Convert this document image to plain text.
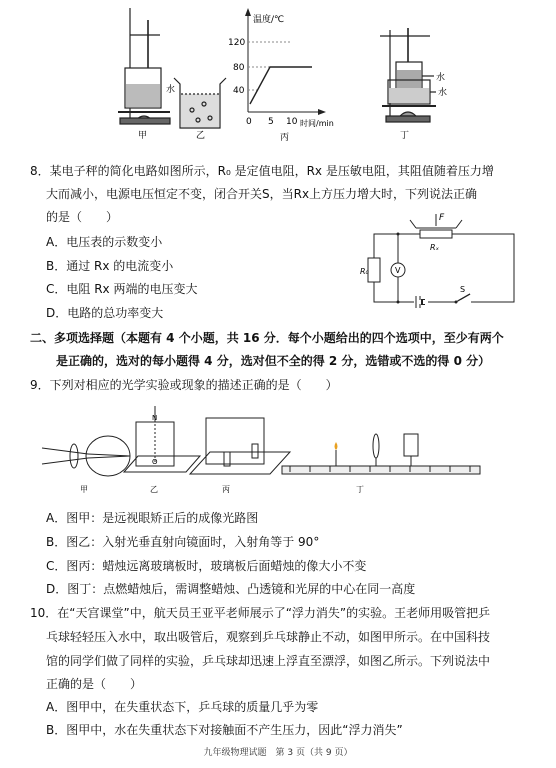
水
甲	乙
温度/℃
120
80
40
0 5 10 时间/min
丙
水
水
丁
8．某电子秤的简化电路如图所示，R₀ 是定值电阻，Rx 是压敏电阻，其阻值随着压力增
大而减小，电源电压恒定不变，闭合开关S，当Rx上方压力增大时，下列说法正确
的是（　　）
A．电压表的示数变小
B．通过 Rx 的电流变小
C．电阻 Rx 两端的电压变大
D．电路的总功率变大
F
Rₓ
R₀	V
S
二、多项选择题（本题有 4 个小题，共 16 分．每个小题给出的四个选项中，至少有两个
是正确的，选对的每小题得 4 分，选对但不全的得 2 分，选错或不选的得 0 分）
9．下列对相应的光学实验或现象的描述正确的是（　　）
甲
N
O
乙	丙	丁
A．图甲：是远视眼矫正后的成像光路图
B．图乙：入射光垂直射向镜面时，入射角等于 90°
C．图丙：蜡烛远离玻璃板时，玻璃板后面蜡烛的像大小不变
D．图丁：点燃蜡烛后，需调整蜡烛、凸透镜和光屏的中心在同一高度
10．在“天宫课堂”中，航天员王亚平老师展示了“浮力消失”的实验。王老师用吸管把乒
乓球轻轻压入水中，取出吸管后，观察到乒乓球静止不动，如图甲所示。在中国科技
馆的同学们做了同样的实验，乒乓球却迅速上浮直至漂浮，如图乙所示。下列说法中
正确的是（　　）
A．图甲中，在失重状态下，乒乓球的质量几乎为零
B．图甲中，水在失重状态下对接触面不产生压力，因此“浮力消失”
九年级物理试题　第 3 页（共 9 页）
